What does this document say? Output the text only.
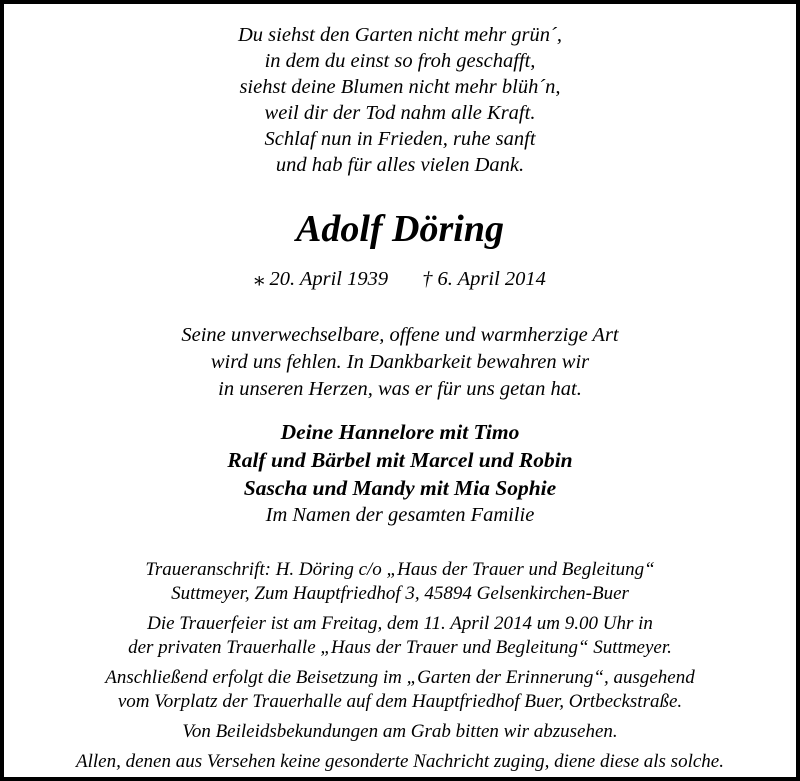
Du siehst den Garten nicht mehr grün´,
in dem du einst so froh geschafft,
siehst deine Blumen nicht mehr blüh´n,
weil dir der Tod nahm alle Kraft.
Schlaf nun in Frieden, ruhe sanft
und hab für alles vielen Dank.
Adolf Döring
⁎ 20. April 1939 † 6. April 2014
Seine unverwechselbare, offene und warmherzige Art
wird uns fehlen. In Dankbarkeit bewahren wir
in unseren Herzen, was er für uns getan hat.
Deine Hannelore mit Timo
Ralf und Bärbel mit Marcel und Robin
Sascha und Mandy mit Mia Sophie
Im Namen der gesamten Familie
Traueranschrift: H. Döring c/o „Haus der Trauer und Begleitung“
Suttmeyer, Zum Hauptfriedhof 3, 45894 Gelsenkirchen-Buer
Die Trauerfeier ist am Freitag, dem 11. April 2014 um 9.00 Uhr in
der privaten Trauerhalle „Haus der Trauer und Begleitung“ Suttmeyer.
Anschließend erfolgt die Beisetzung im „Garten der Erinnerung“, ausgehend
vom Vorplatz der Trauerhalle auf dem Hauptfriedhof Buer, Ortbeckstraße.
Von Beileidsbekundungen am Grab bitten wir abzusehen.
Allen, denen aus Versehen keine gesonderte Nachricht zuging, diene diese als solche.
